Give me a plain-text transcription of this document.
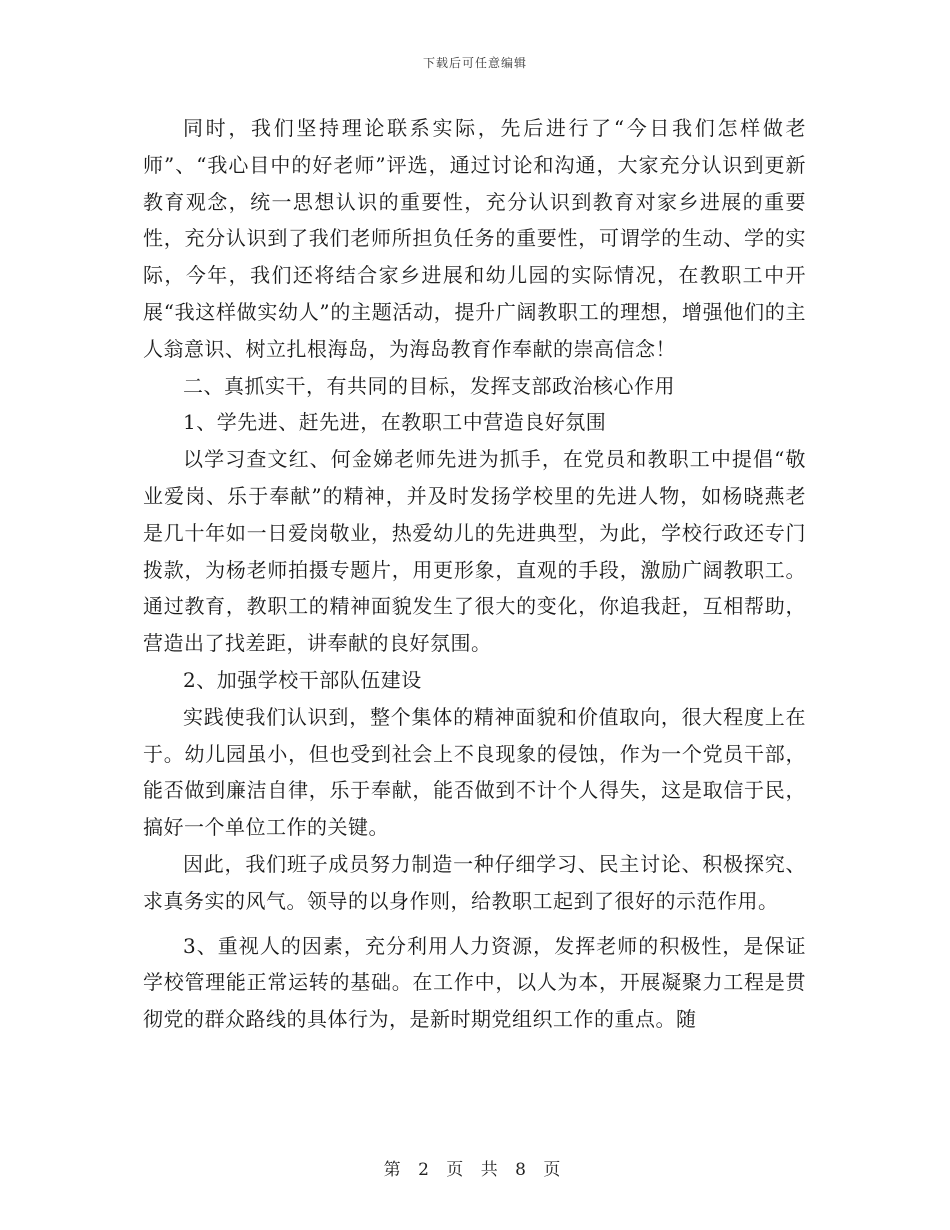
下载后可任意编辑

同时，我们坚持理论联系实际，先后进行了“今日我们怎样做老师”、“我心目中的好老师”评选，通过讨论和沟通，大家充分认识到更新教育观念，统一思想认识的重要性，充分认识到教育对家乡进展的重要性，充分认识到了我们老师所担负任务的重要性，可谓学的生动、学的实际，今年，我们还将结合家乡进展和幼儿园的实际情况，在教职工中开展“我这样做实幼人”的主题活动，提升广阔教职工的理想，增强他们的主人翁意识、树立扎根海岛，为海岛教育作奉献的崇高信念！

二、真抓实干，有共同的目标，发挥支部政治核心作用

1、学先进、赶先进，在教职工中营造良好氛围

以学习查文红、何金娣老师先进为抓手，在党员和教职工中提倡“敬业爱岗、乐于奉献”的精神，并及时发扬学校里的先进人物，如杨晓燕老是几十年如一日爱岗敬业，热爱幼儿的先进典型，为此，学校行政还专门拨款，为杨老师拍摄专题片，用更形象，直观的手段，激励广阔教职工。通过教育，教职工的精神面貌发生了很大的变化，你追我赶，互相帮助，营造出了找差距，讲奉献的良好氛围。

2、加强学校干部队伍建设

实践使我们认识到，整个集体的精神面貌和价值取向，很大程度上在于。幼儿园虽小，但也受到社会上不良现象的侵蚀，作为一个党员干部，能否做到廉洁自律，乐于奉献，能否做到不计个人得失，这是取信于民，搞好一个单位工作的关键。

因此，我们班子成员努力制造一种仔细学习、民主讨论、积极探究、求真务实的风气。领导的以身作则，给教职工起到了很好的示范作用。

3、重视人的因素，充分利用人力资源，发挥老师的积极性，是保证学校管理能正常运转的基础。在工作中，以人为本，开展凝聚力工程是贯彻党的群众路线的具体行为，是新时期党组织工作的重点。随

第 2 页 共 8 页
